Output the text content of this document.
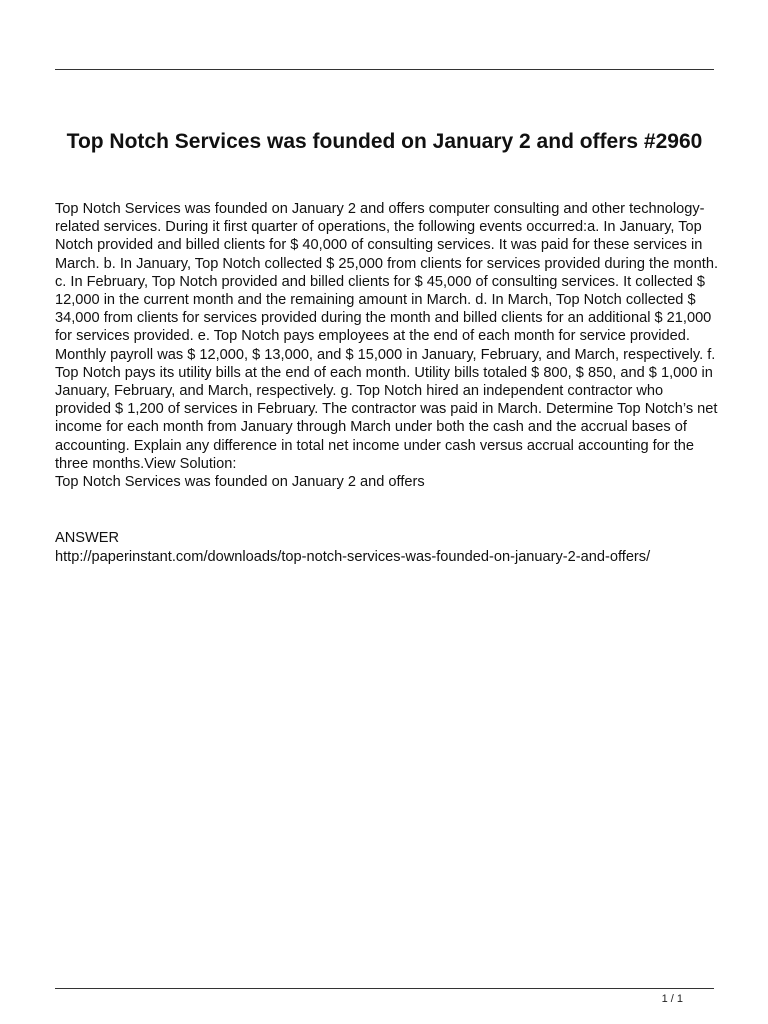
Top Notch Services was founded on January 2 and offers #2960
Top Notch Services was founded on January 2 and offers computer consulting and other technology- related services. During it first quarter of operations, the following events occurred:a. In January, Top Notch provided and billed clients for $ 40,000 of consulting services. It was paid for these services in March. b. In January, Top Notch collected $ 25,000 from clients for services provided during the month. c. In February, Top Notch provided and billed clients for $ 45,000 of consulting services. It collected $ 12,000 in the current month and the remaining amount in March. d. In March, Top Notch collected $ 34,000 from clients for services provided during the month and billed clients for an additional $ 21,000 for services provided. e. Top Notch pays employees at the end of each month for service provided. Monthly payroll was $ 12,000, $ 13,000, and $ 15,000 in January, February, and March, respectively. f. Top Notch pays its utility bills at the end of each month. Utility bills totaled $ 800, $ 850, and $ 1,000 in January, February, and March, respectively. g. Top Notch hired an independent contractor who provided $ 1,200 of services in February. The contractor was paid in March. Determine Top Notch’s net income for each month from January through March under both the cash and the accrual bases of accounting. Explain any difference in total net income under cash versus accrual accounting for the three months.View Solution:
Top Notch Services was founded on January 2 and offers
ANSWER
http://paperinstant.com/downloads/top-notch-services-was-founded-on-january-2-and-offers/
1 / 1
